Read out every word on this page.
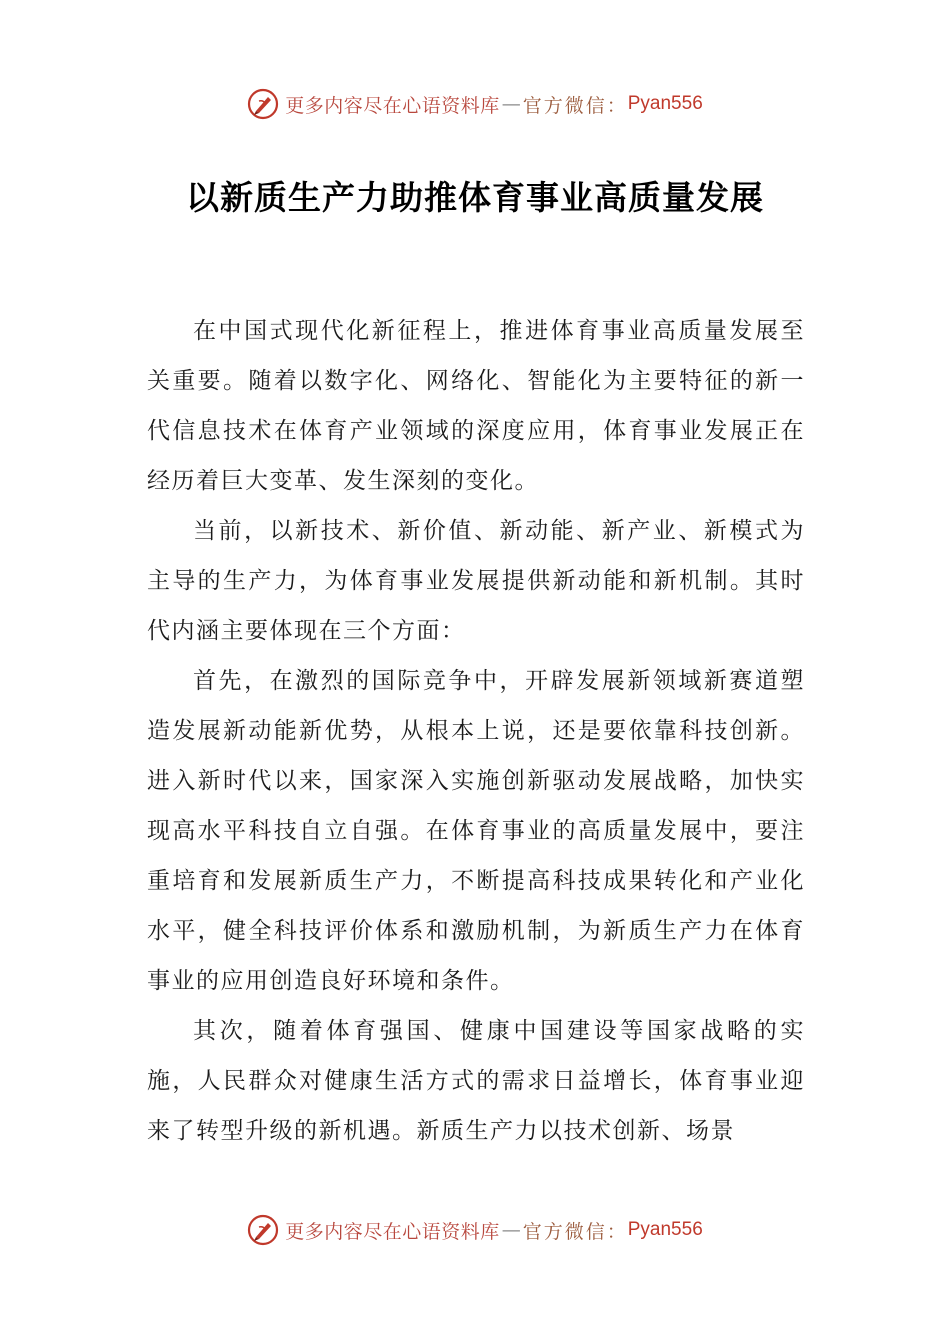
更多内容尽在心语资料库 — 官方微信： Pyan556
以新质生产力助推体育事业高质量发展

在中国式现代化新征程上，推进体育事业高质量发展至关重要。随着以数字化、网络化、智能化为主要特征的新一代信息技术在体育产业领域的深度应用，体育事业发展正在经历着巨大变革、发生深刻的变化。

当前，以新技术、新价值、新动能、新产业、新模式为主导的生产力，为体育事业发展提供新动能和新机制。其时代内涵主要体现在三个方面：

首先，在激烈的国际竞争中，开辟发展新领域新赛道塑造发展新动能新优势，从根本上说，还是要依靠科技创新。进入新时代以来，国家深入实施创新驱动发展战略，加快实现高水平科技自立自强。在体育事业的高质量发展中，要注重培育和发展新质生产力，不断提高科技成果转化和产业化水平，健全科技评价体系和激励机制，为新质生产力在体育事业的应用创造良好环境和条件。

其次，随着体育强国、健康中国建设等国家战略的实施，人民群众对健康生活方式的需求日益增长，体育事业迎来了转型升级的新机遇。新质生产力以技术创新、场景

更多内容尽在心语资料库 — 官方微信： Pyan556
